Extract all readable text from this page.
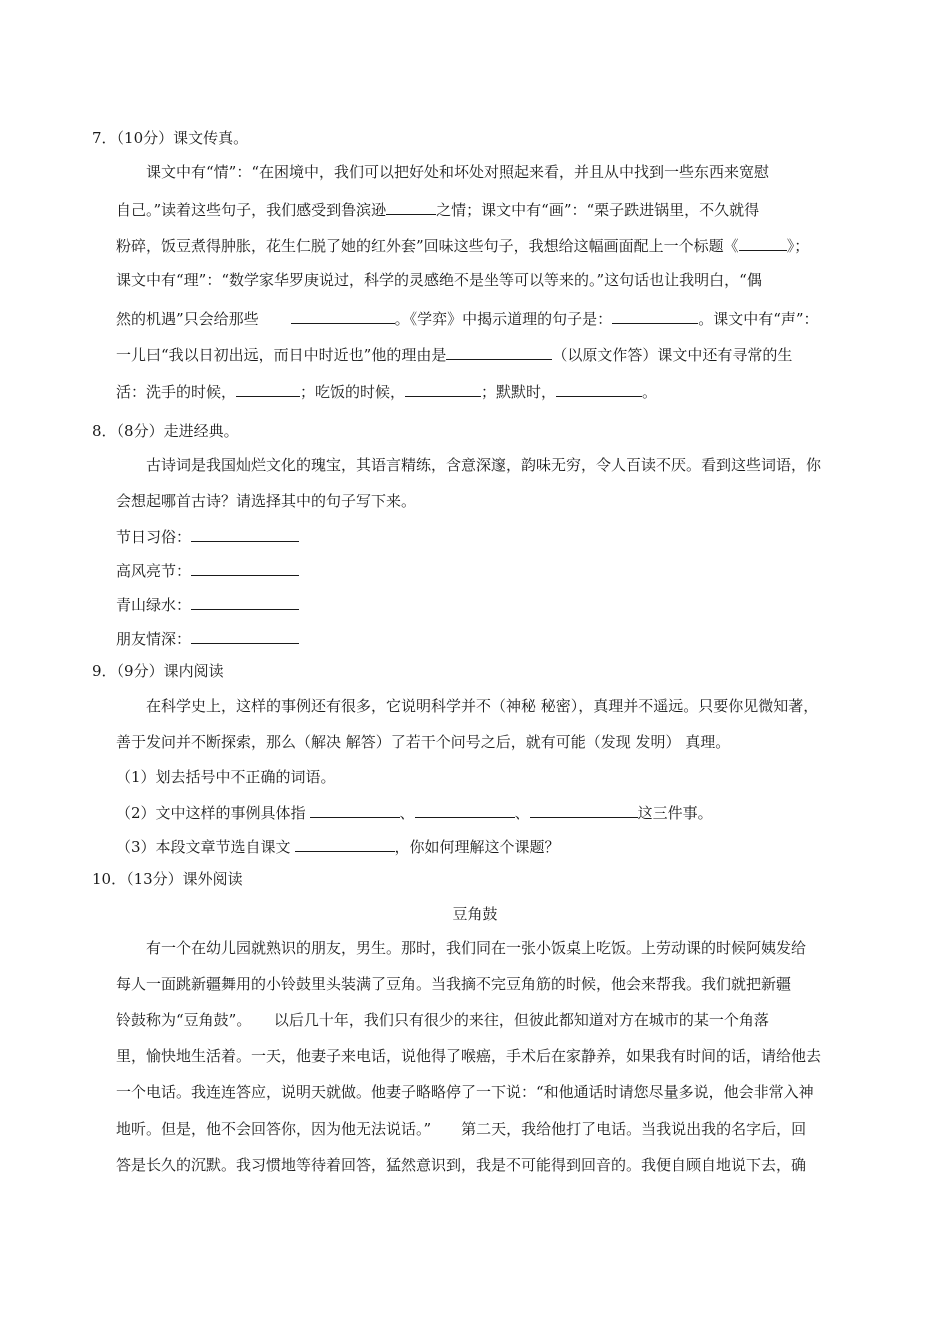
7．（10分）课文传真。
课文中有“情”：“在困境中，我们可以把好处和坏处对照起来看，并且从中找到一些东西来宽慰
自己。”读着这些句子，我们感受到鲁滨逊	之情；课文中有“画”：“栗子跌进锅里，不久就得
粉碎，饭豆煮得肿胀，花生仁脱了她的红外套”回味这些句子，我想给这幅画面配上一个标题《	》；
课文中有“理”：“数学家华罗庚说过，科学的灵感绝不是坐等可以等来的。”这句话也让我明白，“偶
然的机遇”只会给那些	。《学弈》中揭示道理的句子是：	。课文中有“声”：
一儿曰“我以日初出远，而日中时近也”他的理由是	（以原文作答）课文中还有寻常的生
活：洗手的时候，	；吃饭的时候，	；默默时，	。
8．（8分）走进经典。
古诗词是我国灿烂文化的瑰宝，其语言精练，含意深邃，韵味无穷，令人百读不厌。看到这些词语，你
会想起哪首古诗？请选择其中的句子写下来。
节日习俗：
高风亮节：
青山绿水：
朋友情深：
9．（9分）课内阅读
在科学史上，这样的事例还有很多，它说明科学并不（神秘 秘密），真理并不遥远。只要你见微知著，
善于发问并不断探索，那么（解决 解答）了若干个问号之后，就有可能（发现 发明） 真理。
（1）划去括号中不正确的词语。
（2）文中这样的事例具体指	、	、	这三件事。
（3）本段文章节选自课文	，你如何理解这个课题？
10．（13分）课外阅读
豆角鼓
有一个在幼儿园就熟识的朋友，男生。那时，我们同在一张小饭桌上吃饭。上劳动课的时候阿姨发给
每人一面跳新疆舞用的小铃鼓里头装满了豆角。当我摘不完豆角筋的时候，他会来帮我。我们就把新疆
铃鼓称为“豆角鼓”。　　以后几十年，我们只有很少的来往，但彼此都知道对方在城市的某一个角落
里，愉快地生活着。一天，他妻子来电话，说他得了喉癌，手术后在家静养，如果我有时间的话，请给他去
一个电话。我连连答应，说明天就做。他妻子略略停了一下说：“和他通话时请您尽量多说，他会非常入神
地听。但是，他不会回答你，因为他无法说话。”　　第二天，我给他打了电话。当我说出我的名字后，回
答是长久的沉默。我习惯地等待着回答，猛然意识到，我是不可能得到回音的。我便自顾自地说下去，确
